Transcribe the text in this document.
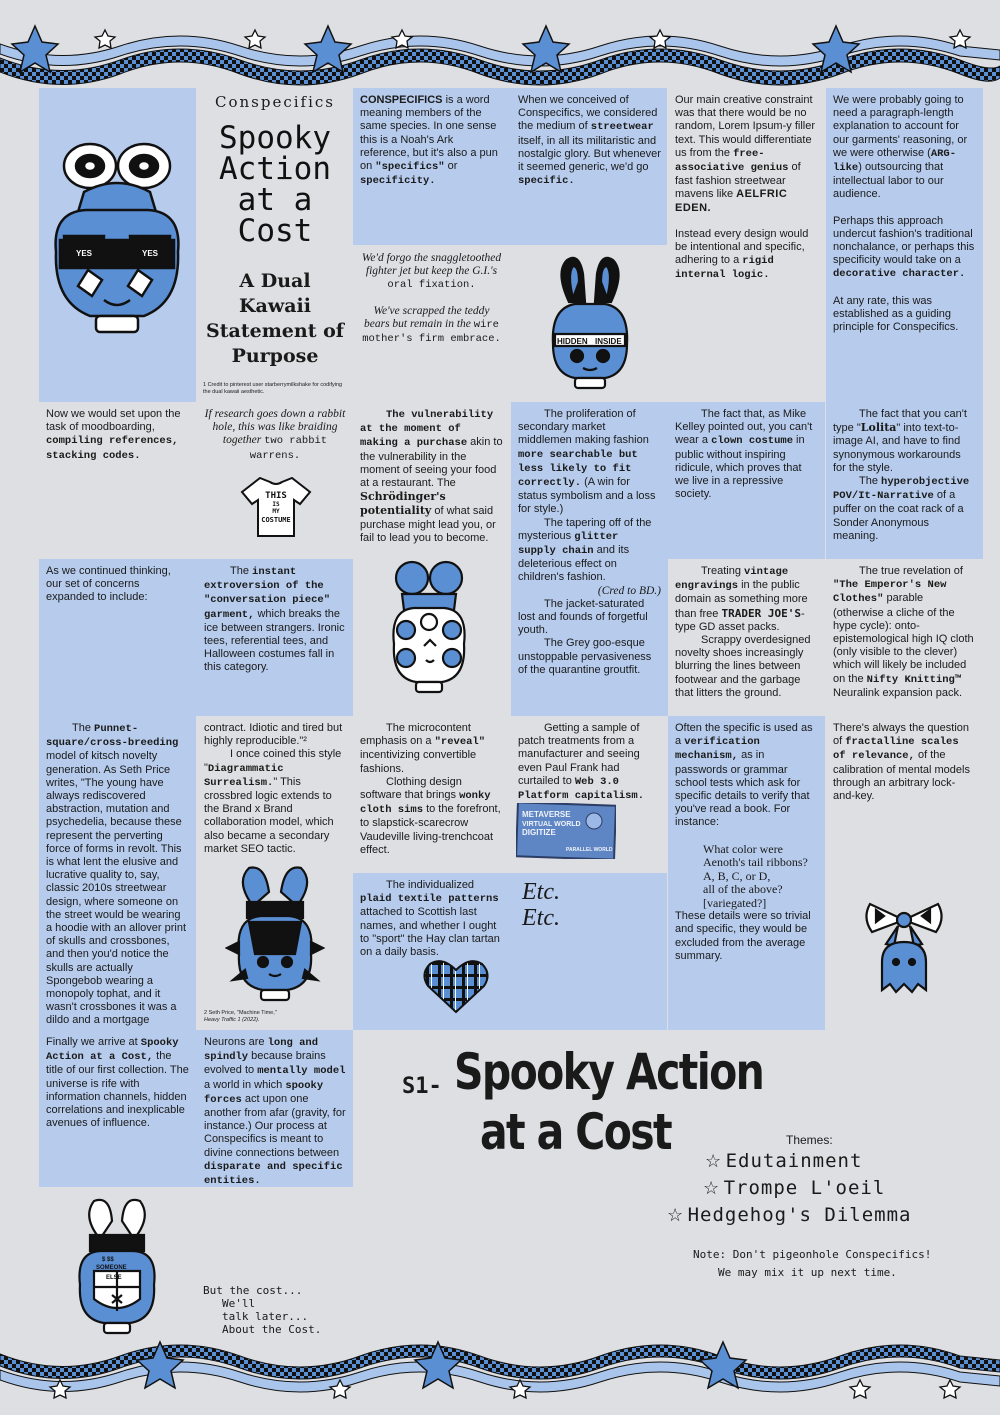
YES	YES
Conspecifics
Spooky
Action
at a
Cost
A Dual Kawaii Statement of Purpose
1 Credit to pinterest user starberrymilkshake for codifying the dual kawaii aesthetic.
CONSPECIFICS is a word meaning members of the same species. In one sense this is a Noah's Ark reference, but it's also a pun on "specifics" or specificity.
When we conceived of Conspecifics, we considered the medium of streetwear itself, in all its militaristic and nostalgic glory. But whenever it seemed generic, we'd go specific.

Our main creative constraint was that there would be no random, Lorem Ipsum-y filler text. This would differentiate us from the free-associative genius of fast fashion streetwear mavens like AELFRIC EDEN.

Instead every design would be intentional and specific, adhering to a rigid internal logic.

We were probably going to need a paragraph-length explanation to account for our garments' reasoning, or we were otherwise (ARG-like) outsourcing that intellectual labor to our audience.

Perhaps this approach undercut fashion's traditional nonchalance, or perhaps this specificity would take on a decorative character.

At any rate, this was established as a guiding principle for Conspecifics.

We'd forgo the snaggletoothed fighter jet but keep the G.I.'s oral fixation.

We've scrapped the teddy bears but remain in the wire mother's firm embrace.	HIDDEN INSIDE
Now we would set upon the task of moodboarding, compiling references, stacking codes.
If research goes down a rabbit hole, this was like braiding together two rabbit warrens.
THIS
IS
MY
COSTUME

The vulnerability at the moment of making a purchase akin to the vulnerability in the moment of seeing your food at a restaurant. The Schrödinger's potentiality of what said purchase might lead you, or fail to lead you to become.

The proliferation of secondary market middlemen making fashion more searchable but less likely to fit correctly. (A win for status symbolism and a loss for style.)

The tapering off of the mysterious glitter supply chain and its deleterious effect on children's fashion.

(Cred to BD.)

The jacket-saturated lost and founds of forgetful youth.

The Grey goo-esque unstoppable pervasiveness of the quarantine groutfit.

The fact that, as Mike Kelley pointed out, you can't wear a clown costume in public without inspiring ridicule, which proves that we live in a repressive society.

The fact that you can't type "Lolita" into text-to-image AI, and have to find synonymous workarounds for the style.

The hyperobjective POV/It-Narrative of a puffer on the coat rack of a Sonder Anonymous meaning.

As we continued thinking, our set of concerns expanded to include:

The instant extroversion of the "conversation piece" garment, which breaks the ice between strangers. Ironic tees, referential tees, and Halloween costumes fall in this category.

Treating vintage engravings in the public domain as something more than free TRADER JOE'S-type GD asset packs.

Scrappy overdesigned novelty shoes increasingly blurring the lines between footwear and the garbage that litters the ground.

The true revelation of "The Emperor's New Clothes" parable (otherwise a cliche of the hype cycle): onto-epistemological high IQ cloth (only visible to the clever) which will likely be included on the Nifty Knitting™ Neuralink expansion pack.

The Punnet-square/cross-breeding model of kitsch novelty generation. As Seth Price writes, "The young have always rediscovered abstraction, mutation and psychedelia, because these represent the perverting force of forms in revolt. This is what lent the elusive and lucrative quality to, say, classic 2010s streetwear design, where someone on the street would be wearing a hoodie with an allover print of skulls and crossbones, and then you'd notice the skulls are actually Spongebob wearing a monopoly tophat, and it wasn't crossbones it was a dildo and a mortgage

contract. Idiotic and tired but highly reproducible."²

I once coined this style "Diagrammatic Surrealism." This crossbred logic extends to the Brand x Brand collaboration model, which also became a secondary market SEO tactic.

2 Seth Price, "Machine Time,"
Heavy Traffic 1 (2022).

The microcontent emphasis on a "reveal" incentivizing convertible fashions.

Clothing design software that brings wonky cloth sims to the forefront, to slapstick-scarecrow Vaudeville living-trenchcoat effect.

Getting a sample of patch treatments from a manufacturer and seeing even Paul Frank had curtailed to Web 3.0 Platform capitalism.

METAVERSE
VIRTUAL WORLD
DIGITIZE
PARALLEL WORLD

Often the specific is used as a verification mechanism, as in passwords or grammar school tests which ask for specific details to verify that you've read a book. For instance:

What color were Aenoth's tail ribbons?
A, B, C, or D,
all of the above?
[variegated?]

These details were so trivial and specific, they would be excluded from the average summary.

There's always the question of fractalline scales of relevance, of the calibration of mental models through an arbitrary lock-and-key.

The individualized plaid textile patterns attached to Scottish last names, and whether I ought to "sport" the Hay clan tartan on a daily basis.

Etc.
Etc.
Finally we arrive at Spooky Action at a Cost, the title of our first collection. The universe is rife with information channels, hidden correlations and inexplicable avenues of influence.
Neurons are long and spindly because brains evolved to mentally model a world in which spooky forces act upon one another from afar (gravity, for instance.) Our process at Conspecifics is meant to divine connections between disparate and specific entities.
S1- Spooky Action
at a Cost	Themes:
☆ Edutainment
☆ Trompe L'oeil
☆ Hedgehog's Dilemma
Note: Don't pigeonhole Conspecifics!
We may mix it up next time.
$ $$
SOMEONE
ELSE
But the cost...
We'll
talk later...
About the Cost.
